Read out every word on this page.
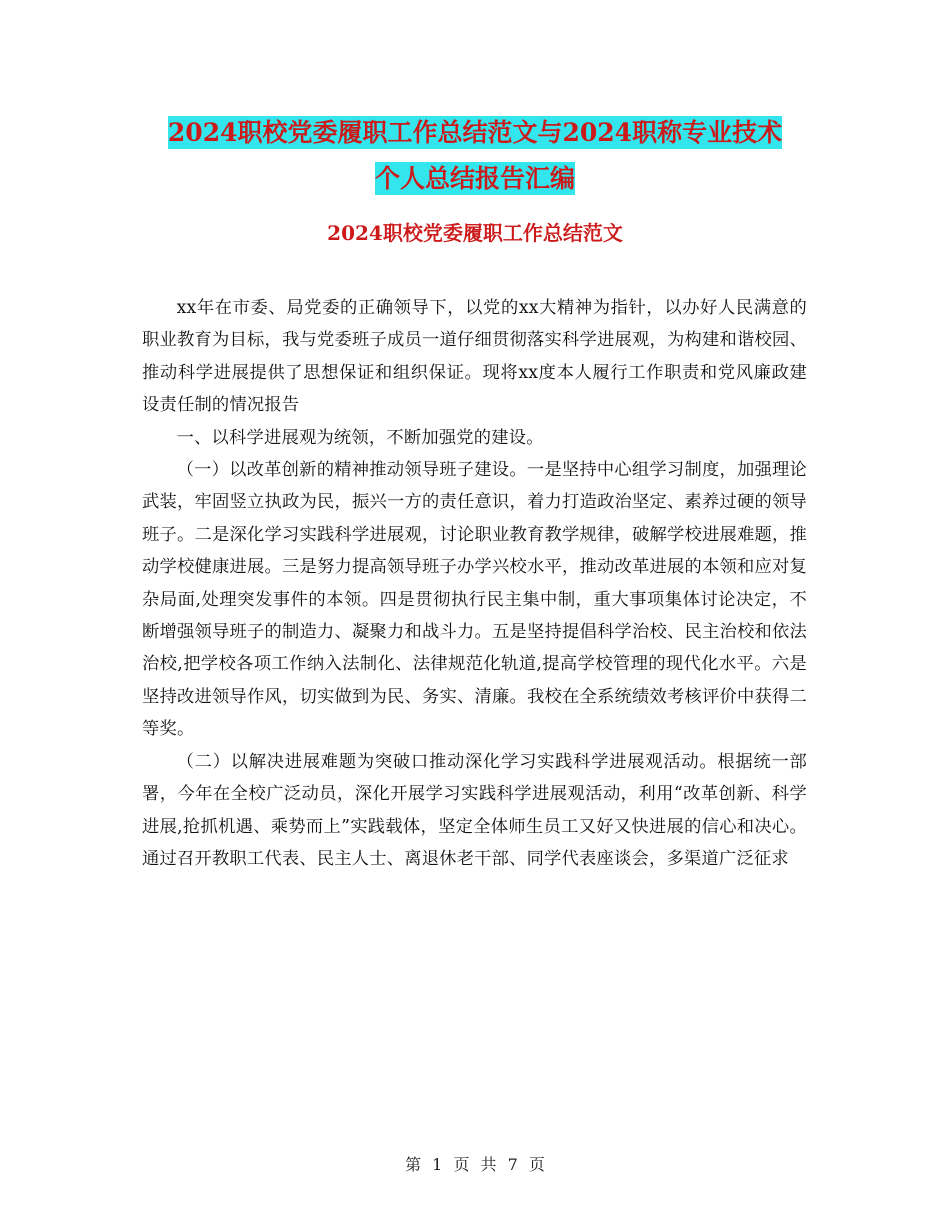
2024职校党委履职工作总结范文与2024职称专业技术
个人总结报告汇编
2024职校党委履职工作总结范文

xx年在市委、局党委的正确领导下，以党的xx大精神为指针，以办好人民满意的职业教育为目标，我与党委班子成员一道仔细贯彻落实科学进展观，为构建和谐校园、推动科学进展提供了思想保证和组织保证。现将xx度本人履行工作职责和党风廉政建设责任制的情况报告

一、以科学进展观为统领，不断加强党的建设。

（一）以改革创新的精神推动领导班子建设。一是坚持中心组学习制度，加强理论武装，牢固竖立执政为民，振兴一方的责任意识，着力打造政治坚定、素养过硬的领导班子。二是深化学习实践科学进展观，讨论职业教育教学规律，破解学校进展难题，推动学校健康进展。三是努力提高领导班子办学兴校水平，推动改革进展的本领和应对复杂局面,处理突发事件的本领。四是贯彻执行民主集中制，重大事项集体讨论决定，不断增强领导班子的制造力、凝聚力和战斗力。五是坚持提倡科学治校、民主治校和依法治校,把学校各项工作纳入法制化、法律规范化轨道,提高学校管理的现代化水平。六是坚持改进领导作风，切实做到为民、务实、清廉。我校在全系统绩效考核评价中获得二等奖。

（二）以解决进展难题为突破口推动深化学习实践科学进展观活动。根据统一部署，今年在全校广泛动员，深化开展学习实践科学进展观活动，利用“改革创新、科学进展,抢抓机遇、乘势而上”实践载体，坚定全体师生员工又好又快进展的信心和决心。通过召开教职工代表、民主人士、离退休老干部、同学代表座谈会，多渠道广泛征求

第 1 页 共 7 页
